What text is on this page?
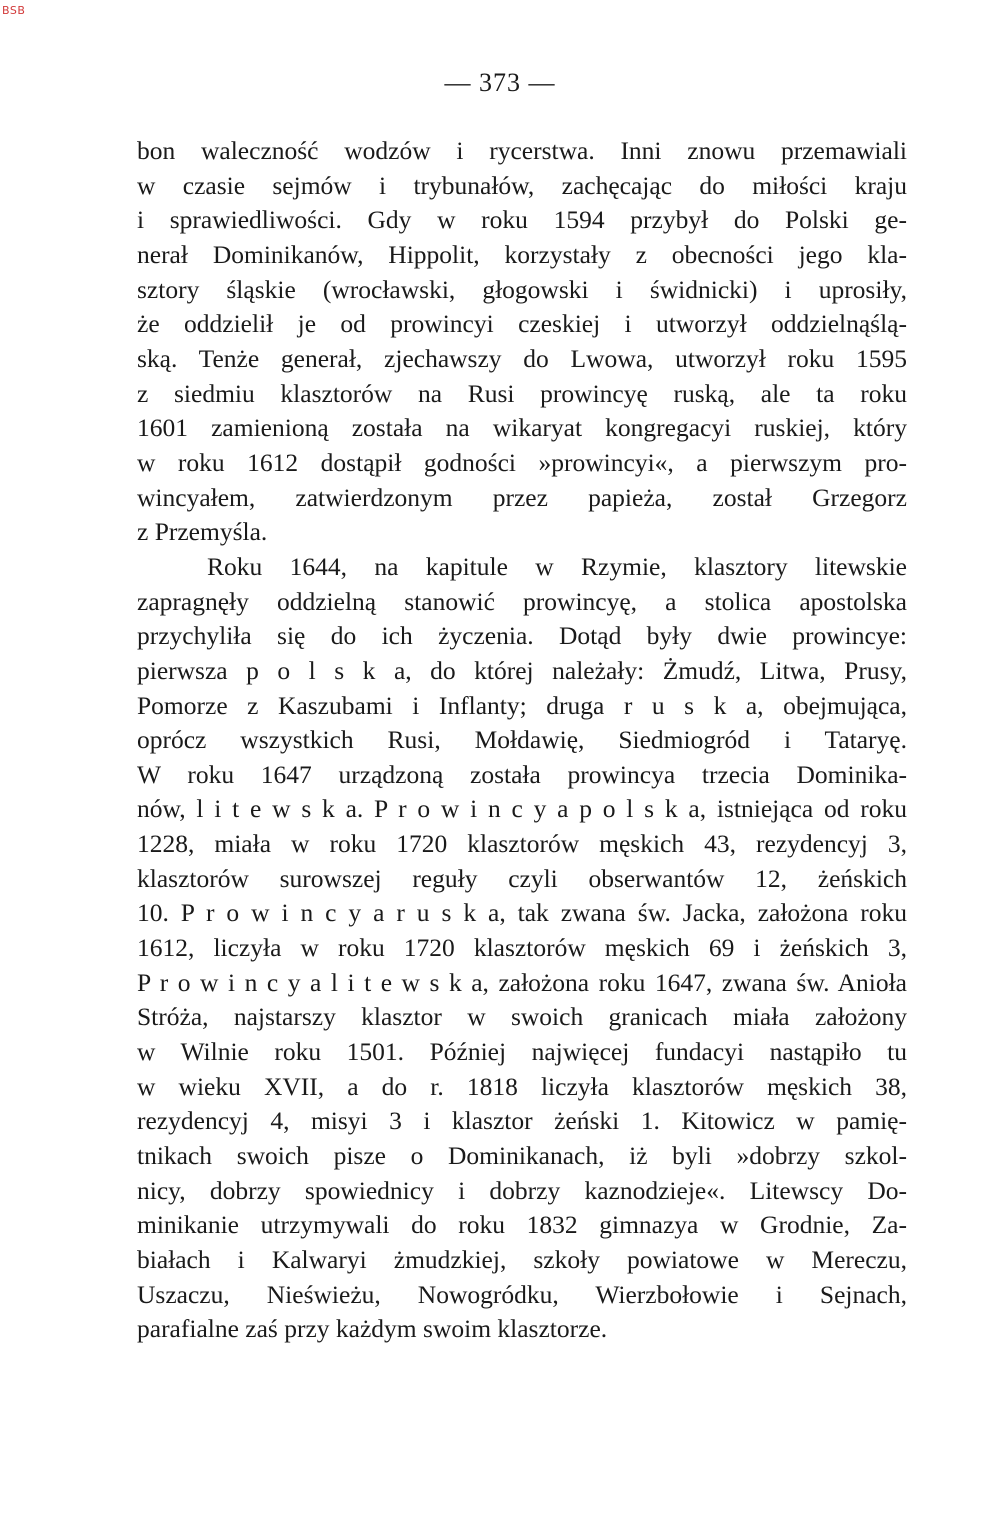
BSB
— 373 —
bon waleczność wodzów i rycerstwa. Inni znowu przemawiali
w czasie sejmów i trybunałów, zachęcając do miłości kraju
i sprawiedliwości. Gdy w roku 1594 przybył do Polski ge-
nerał Dominikanów, Hippolit, korzystały z obecności jego kla-
sztory śląskie (wrocławski, głogowski i świdnicki) i uprosiły,
że oddzielił je od prowincyi czeskiej i utworzył oddzielnąślą-
ską. Tenże generał, zjechawszy do Lwowa, utworzył roku 1595
z siedmiu klasztorów na Rusi prowincyę ruską, ale ta roku
1601 zamienioną została na wikaryat kongregacyi ruskiej, który
w roku 1612 dostąpił godności »prowincyi«, a pierwszym pro-
wincyałem, zatwierdzonym przez papieża, został Grzegorz
z Przemyśla.
Roku 1644, na kapitule w Rzymie, klasztory litewskie
zapragnęły oddzielną stanowić prowincyę, a stolica apostolska
przychyliła się do ich życzenia. Dotąd były dwie prowincye:
pierwsza p o l s k a, do której należały: Żmudź, Litwa, Prusy,
Pomorze z Kaszubami i Inflanty; druga r u s k a, obejmująca,
oprócz wszystkich Rusi, Mołdawię, Siedmiogród i Tataryę.
W roku 1647 urządzoną została prowincya trzecia Dominika-
nów, l i t e w s k a. P r o w i n c y a p o l s k a, istniejąca od roku
1228, miała w roku 1720 klasztorów męskich 43, rezydencyj 3,
klasztorów surowszej reguły czyli obserwantów 12, żeńskich
10. P r o w i n c y a r u s k a, tak zwana św. Jacka, założona roku
1612, liczyła w roku 1720 klasztorów męskich 69 i żeńskich 3,
P r o w i n c y a l i t e w s k a, założona roku 1647, zwana św. Anioła
Stróża, najstarszy klasztor w swoich granicach miała założony
w Wilnie roku 1501. Później najwięcej fundacyi nastąpiło tu
w wieku XVII, a do r. 1818 liczyła klasztorów męskich 38,
rezydencyj 4, misyi 3 i klasztor żeński 1. Kitowicz w pamię-
tnikach swoich pisze o Dominikanach, iż byli »dobrzy szkol-
nicy, dobrzy spowiednicy i dobrzy kaznodzieje«. Litewscy Do-
minikanie utrzymywali do roku 1832 gimnazya w Grodnie, Za-
białach i Kalwaryi żmudzkiej, szkoły powiatowe w Mereczu,
Uszaczu, Nieświeżu, Nowogródku, Wierzbołowie i Sejnach,
parafialne zaś przy każdym swoim klasztorze.
